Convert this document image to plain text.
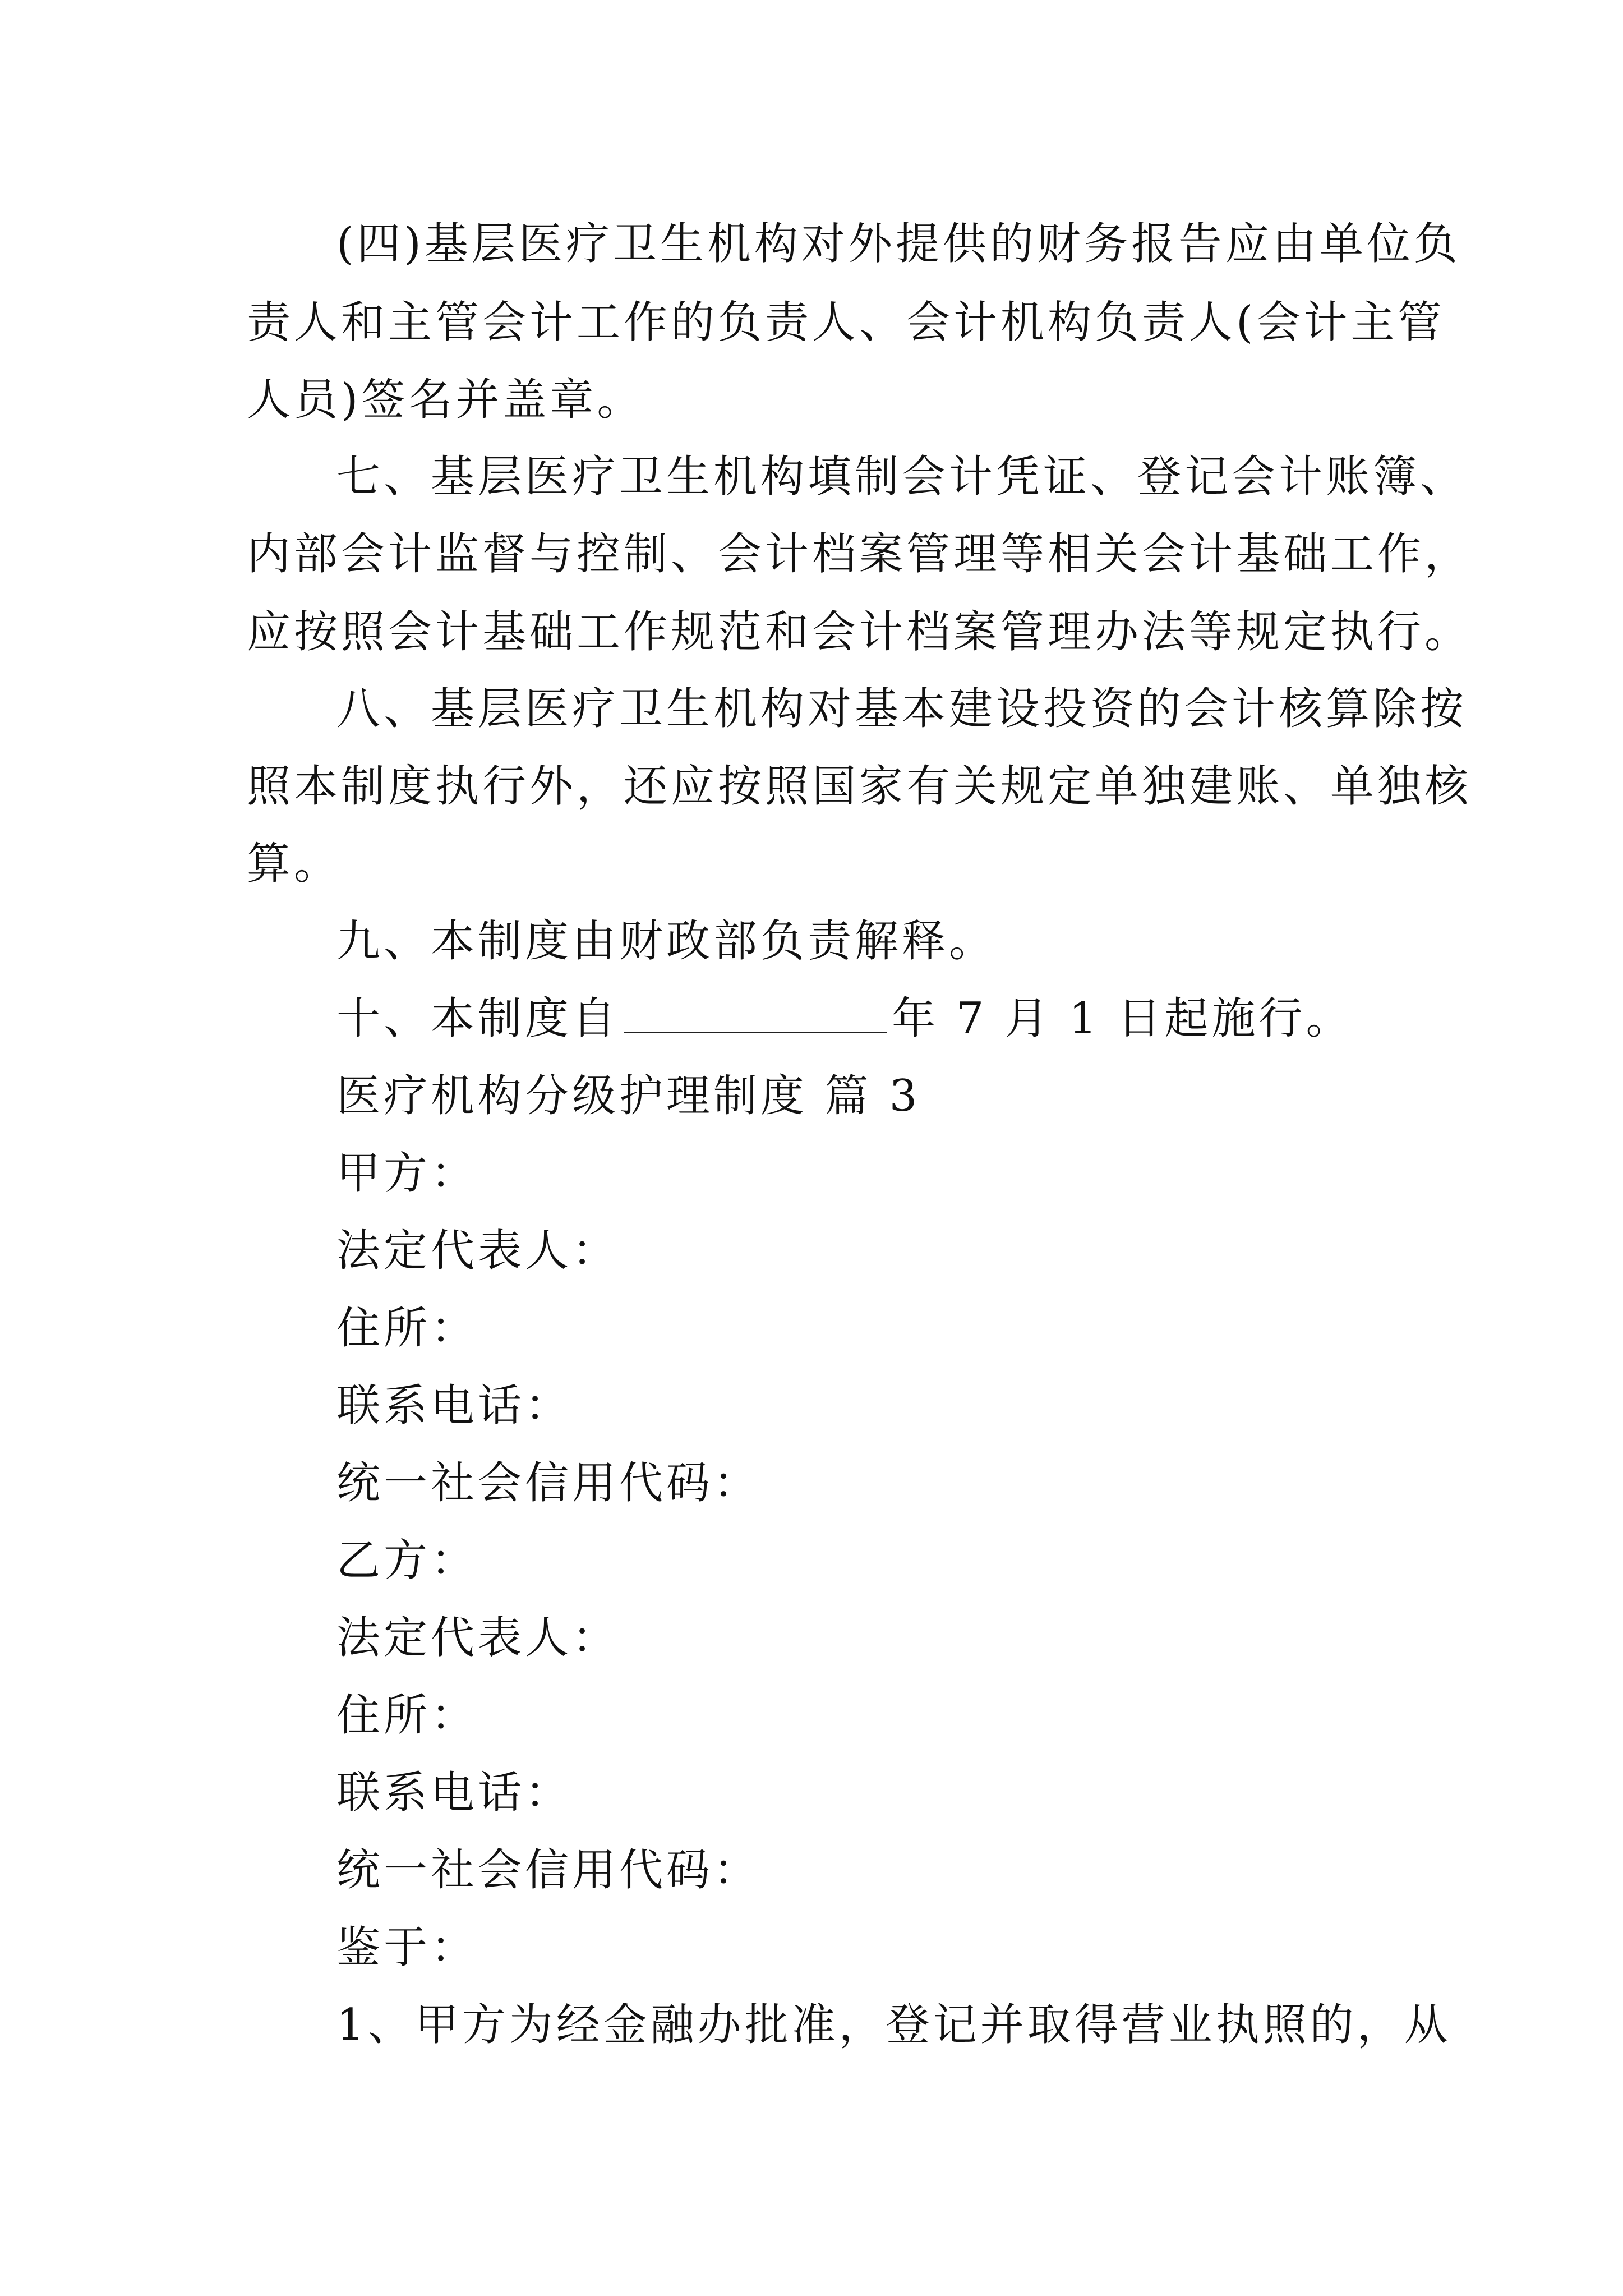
(四)基层医疗卫生机构对外提供的财务报告应由单位负
责人和主管会计工作的负责人、会计机构负责人(会计主管
人员)签名并盖章。
七、基层医疗卫生机构填制会计凭证、登记会计账簿、
内部会计监督与控制、会计档案管理等相关会计基础工作，
应按照会计基础工作规范和会计档案管理办法等规定执行。
八、基层医疗卫生机构对基本建设投资的会计核算除按
照本制度执行外，还应按照国家有关规定单独建账、单独核
算。
九、本制度由财政部负责解释。
十、本制度自	年 7 月 1 日起施行。
医疗机构分级护理制度 篇 3
甲方：
法定代表人：
住所：
联系电话：
统一社会信用代码：
乙方：
法定代表人：
住所：
联系电话：
统一社会信用代码：
鉴于：
1、甲方为经金融办批准，登记并取得营业执照的，从
